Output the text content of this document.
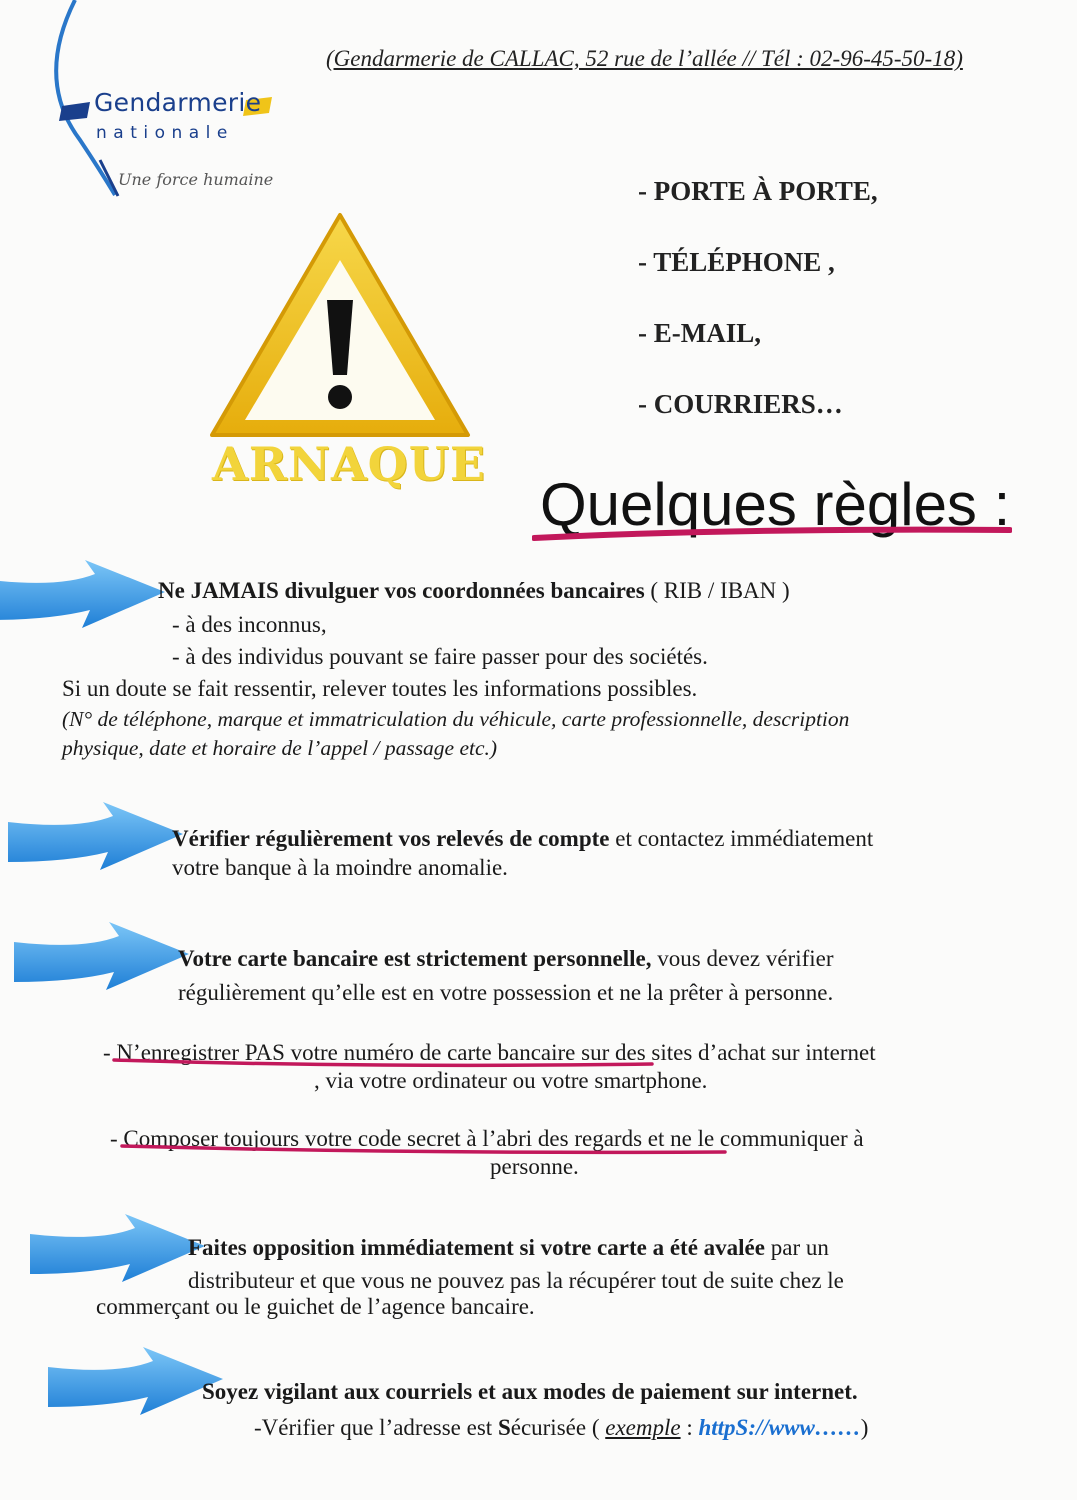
(Gendarmerie de CALLAC, 52 rue de l’allée // Tél : 02-96-45-50-18)
Gendarmerie
nationale
Une force humaine
ARNAQUE
- PORTE À PORTE,
- TÉLÉPHONE ,
- E-MAIL,
- COURRIERS…
Quelques règles :
Ne JAMAIS divulguer vos coordonnées bancaires ( RIB / IBAN )
- à des inconnus,
- à des individus pouvant se faire passer pour des sociétés.
Si un doute se fait ressentir, relever toutes les informations possibles.
(N° de téléphone, marque et immatriculation du véhicule, carte professionnelle, description
physique, date et horaire de l’appel / passage etc.)
Vérifier régulièrement vos relevés de compte et contactez immédiatement
votre banque à la moindre anomalie.
Votre carte bancaire est strictement personnelle, vous devez vérifier
régulièrement qu’elle est en votre possession et ne la prêter à personne.
- N’enregistrer PAS votre numéro de carte bancaire sur des sites d’achat sur internet
, via votre ordinateur ou votre smartphone.
- Composer toujours votre code secret à l’abri des regards et ne le communiquer à
personne.
Faites opposition immédiatement si votre carte a été avalée par un
distributeur et que vous ne pouvez pas la récupérer tout de suite chez le
commerçant ou le guichet de l’agence bancaire.
Soyez vigilant aux courriels et aux modes de paiement sur internet.
-Vérifier que l’adresse est Sécurisée ( exemple : httpS://www……)
